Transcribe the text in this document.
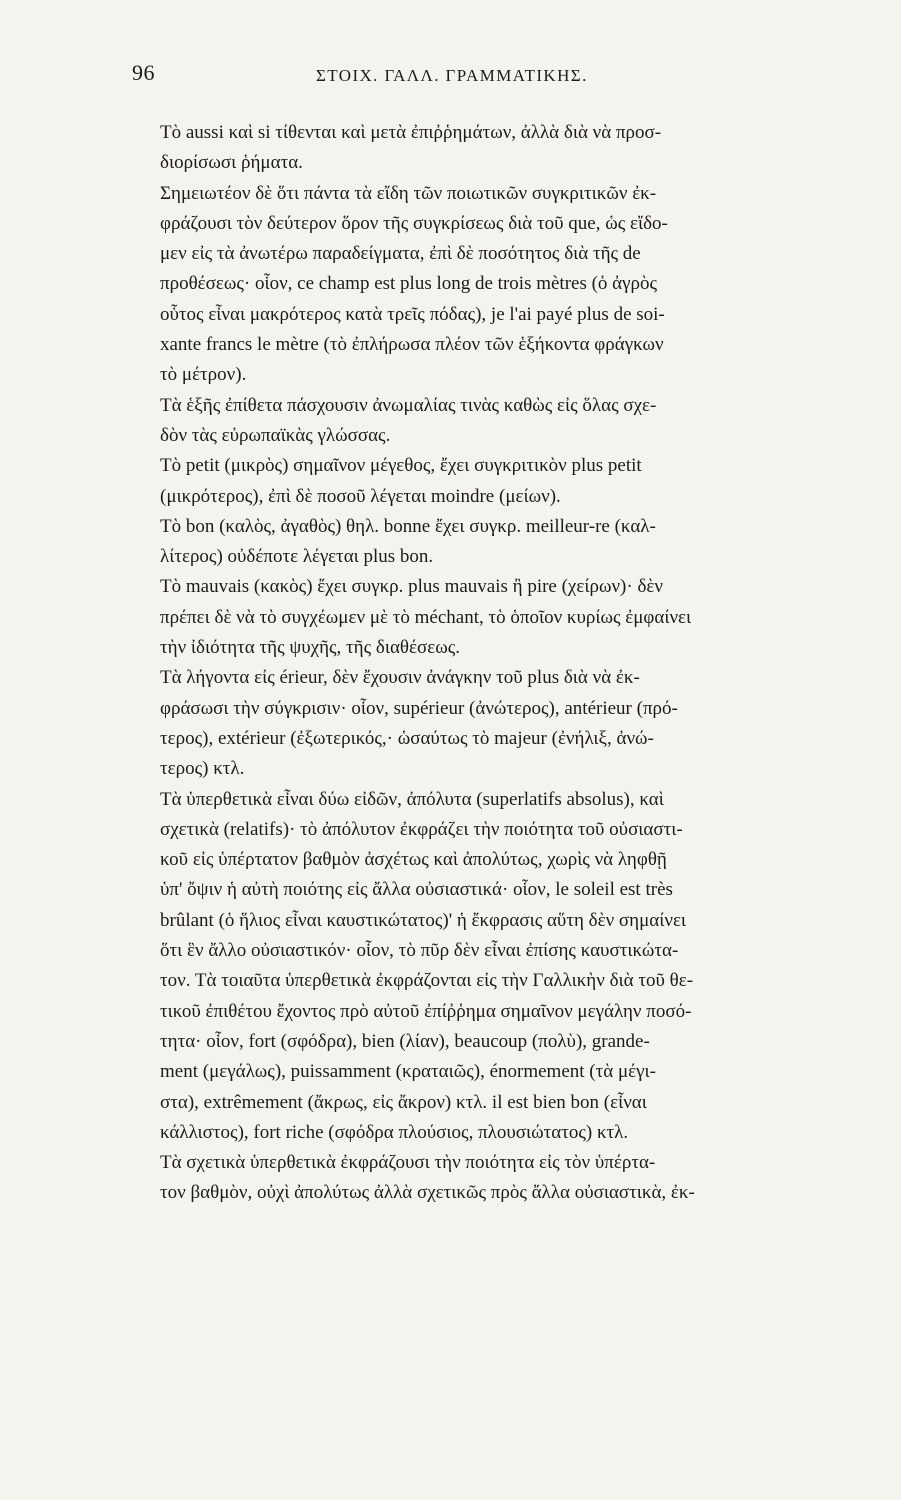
96	ΣΤΟΙΧ. ΓΑΛΛ. ΓΡΑΜΜΑΤΙΚΗΣ.

Τὸ aussi καὶ si τίθενται καὶ μετὰ ἐπιῤῥημάτων, ἀλλὰ διὰ νὰ προσ-
διορίσωσι ῥήματα.

Σημειωτέον δὲ ὅτι πάντα τὰ εἴδη τῶν ποιωτικῶν συγκριτικῶν ἐκ-
φράζουσι τὸν δεύτερον ὅρον τῆς συγκρίσεως διὰ τοῦ que, ὡς εἴδο-
μεν εἰς τὰ ἀνωτέρω παραδείγματα, ἐπὶ δὲ ποσότητος διὰ τῆς de
προθέσεως· οἷον, ce champ est plus long de trois mètres (ὁ ἀγρὸς
οὗτος εἶναι μακρότερος κατὰ τρεῖς πόδας), je l'ai payé plus de soi-
xante francs le mètre (τὸ ἐπλήρωσα πλέον τῶν ἑξήκοντα φράγκων
τὸ μέτρον).

Τὰ ἑξῆς ἐπίθετα πάσχουσιν ἀνωμαλίας τινὰς καθὼς εἰς ὅλας σχε-
δὸν τὰς εὐρωπαϊκὰς γλώσσας.

Τὸ petit (μικρὸς) σημαῖνον μέγεθος, ἔχει συγκριτικὸν plus petit
(μικρότερος), ἐπὶ δὲ ποσοῦ λέγεται moindre (μείων).

Τὸ bon (καλὸς, ἀγαθὸς) θηλ. bonne ἔχει συγκρ. meilleur-re (καλ-
λίτερος) οὐδέποτε λέγεται plus bon.

Τὸ mauvais (κακὸς) ἔχει συγκρ. plus mauvais ἢ pire (χείρων)· δὲν
πρέπει δὲ νὰ τὸ συγχέωμεν μὲ τὸ méchant, τὸ ὁποῖον κυρίως ἐμφαίνει
τὴν ἰδιότητα τῆς ψυχῆς, τῆς διαθέσεως.

Τὰ λήγοντα εἰς érieur, δὲν ἔχουσιν ἀνάγκην τοῦ plus διὰ νὰ ἐκ-
φράσωσι τὴν σύγκρισιν· οἷον, supérieur (ἀνώτερος), antérieur (πρό-
τερος), extérieur (ἐξωτερικός,· ὡσαύτως τὸ majeur (ἐνήλιξ, ἀνώ-
τερος) κτλ.

Τὰ ὑπερθετικὰ εἶναι δύω εἰδῶν, ἀπόλυτα (superlatifs absolus), καὶ
σχετικὰ (relatifs)· τὸ ἀπόλυτον ἐκφράζει τὴν ποιότητα τοῦ οὐσιαστι-
κοῦ εἰς ὑπέρτατον βαθμὸν ἀσχέτως καὶ ἀπολύτως, χωρὶς νὰ ληφθῇ
ὑπ' ὄψιν ἡ αὐτὴ ποιότης εἰς ἄλλα οὐσιαστικά· οἷον, le soleil est très
brûlant (ὁ ἥλιος εἶναι καυστικώτατος)' ἡ ἔκφρασις αὕτη δὲν σημαίνει
ὅτι ἓν ἄλλο οὐσιαστικόν· οἷον, τὸ πῦρ δὲν εἶναι ἐπίσης καυστικώτα-
τον. Τὰ τοιαῦτα ὑπερθετικὰ ἐκφράζονται εἰς τὴν Γαλλικὴν διὰ τοῦ θε-
τικοῦ ἐπιθέτου ἔχοντος πρὸ αὐτοῦ ἐπίῤῥημα σημαῖνον μεγάλην ποσό-
τητα· οἷον, fort (σφόδρα), bien (λίαν), beaucoup (πολὺ), grande-
ment (μεγάλως), puissamment (κραταιῶς), énormement (τὰ μέγι-
στα), extrêmement (ἄκρως, εἰς ἄκρον) κτλ. il est bien bon (εἶναι
κάλλιστος), fort riche (σφόδρα πλούσιος, πλουσιώτατος) κτλ.

Τὰ σχετικὰ ὑπερθετικὰ ἐκφράζουσι τὴν ποιότητα εἰς τὸν ὑπέρτα-
τον βαθμὸν, οὐχὶ ἀπολύτως ἀλλὰ σχετικῶς πρὸς ἄλλα οὐσιαστικὰ, ἐκ-
